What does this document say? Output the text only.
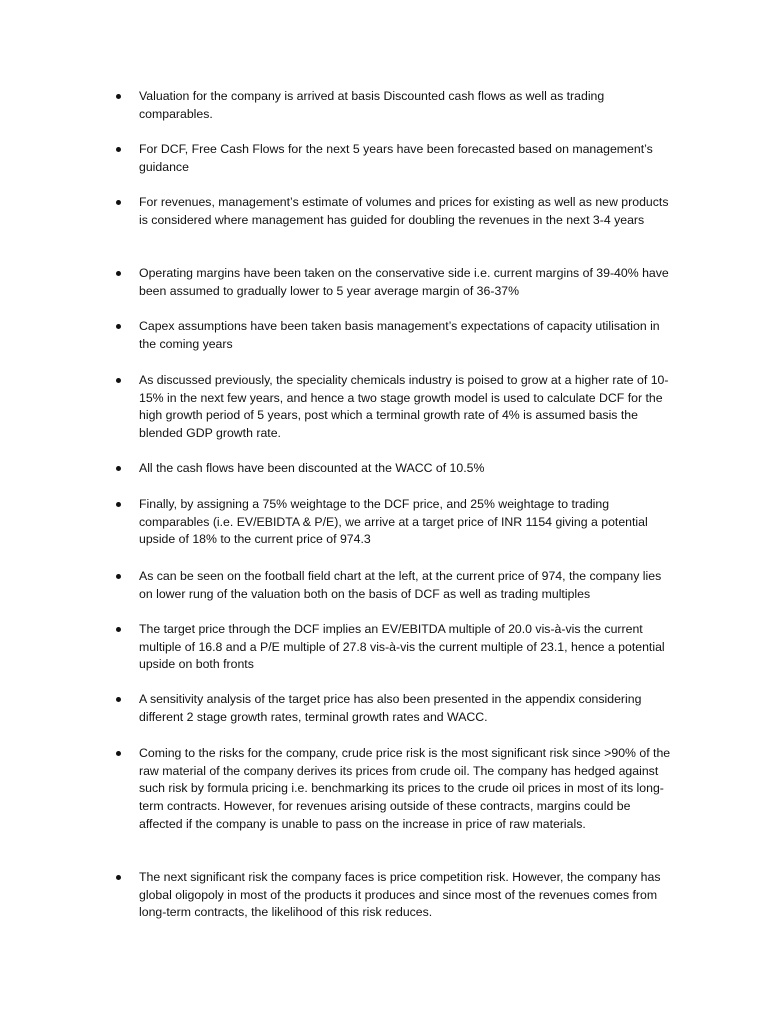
Valuation for the company is arrived at basis Discounted cash flows as well as trading comparables.
For DCF, Free Cash Flows for the next 5 years have been forecasted based on management’s guidance
For revenues, management’s estimate of volumes and prices for existing as well as new products is considered where management has guided for doubling the revenues in the next 3-4 years
Operating margins have been taken on the conservative side i.e. current margins of 39-40% have been assumed to gradually lower to 5 year average margin of 36-37%
Capex assumptions have been taken basis management’s expectations of capacity utilisation in the coming years
As discussed previously, the speciality chemicals industry is poised to grow at a higher rate of 10-15% in the next few years, and hence a two stage growth model is used to calculate DCF for the high growth period of 5 years, post which a terminal growth rate of 4% is assumed basis the blended GDP growth rate.
All the cash flows have been discounted at the WACC of 10.5%
Finally, by assigning a 75% weightage to the DCF price, and 25% weightage to trading comparables (i.e. EV/EBIDTA & P/E), we arrive at a target price of INR 1154 giving a potential upside of 18% to the current price of 974.3
As can be seen on the football field chart at the left, at the current price of 974, the company lies on lower rung of the valuation both on the basis of DCF as well as trading multiples
The target price through the DCF implies an EV/EBITDA multiple of 20.0 vis-à-vis the current multiple of 16.8 and a P/E multiple of 27.8 vis-à-vis the current multiple of 23.1, hence a potential upside on both fronts
A sensitivity analysis of the target price has also been presented in the appendix considering different 2 stage growth rates, terminal growth rates and WACC.
Coming to the risks for the company, crude price risk is the most significant risk since >90% of the raw material of the company derives its prices from crude oil. The company has hedged against such risk by formula pricing i.e. benchmarking its prices to the crude oil prices in most of its long-term contracts. However, for revenues arising outside of these contracts, margins could be affected if the company is unable to pass on the increase in price of raw materials.
The next significant risk the company faces is price competition risk. However, the company has global oligopoly in most of the products it produces and since most of the revenues comes from long-term contracts, the likelihood of this risk reduces.
